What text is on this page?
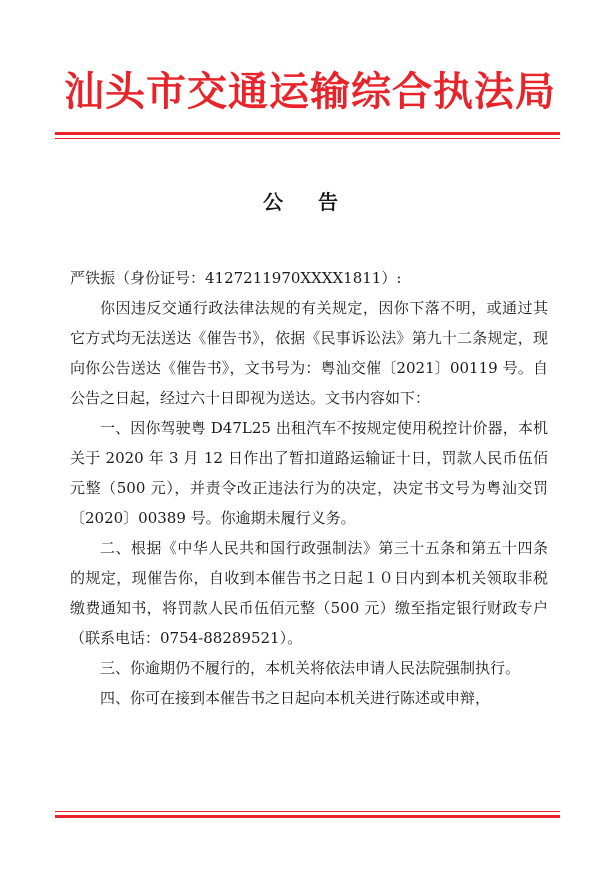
汕头市交通运输综合执法局
公 告

严铁振（身份证号：4127211970XXXX1811）:

你因违反交通行政法律法规的有关规定，因你下落不明，或通过其它方式均无法送达《催告书》，依据《民事诉讼法》第九十二条规定，现向你公告送达《催告书》，文书号为：粤汕交催〔2021〕00119 号。自公告之日起，经过六十日即视为送达。文书内容如下：

一、因你驾驶粤 D47L25 出租汽车不按规定使用税控计价器，本机关于 2020 年 3 月 12 日作出了暂扣道路运输证十日，罚款人民币伍佰元整（500 元），并责令改正违法行为的决定，决定书文号为粤汕交罚〔2020〕00389 号。你逾期未履行义务。

二、根据《中华人民共和国行政强制法》第三十五条和第五十四条的规定，现催告你，自收到本催告书之日起１０日内到本机关领取非税缴费通知书，将罚款人民币伍佰元整（500 元）缴至指定银行财政专户（联系电话：0754-88289521）。

三、你逾期仍不履行的，本机关将依法申请人民法院强制执行。

四、你可在接到本催告书之日起向本机关进行陈述或申辩，
